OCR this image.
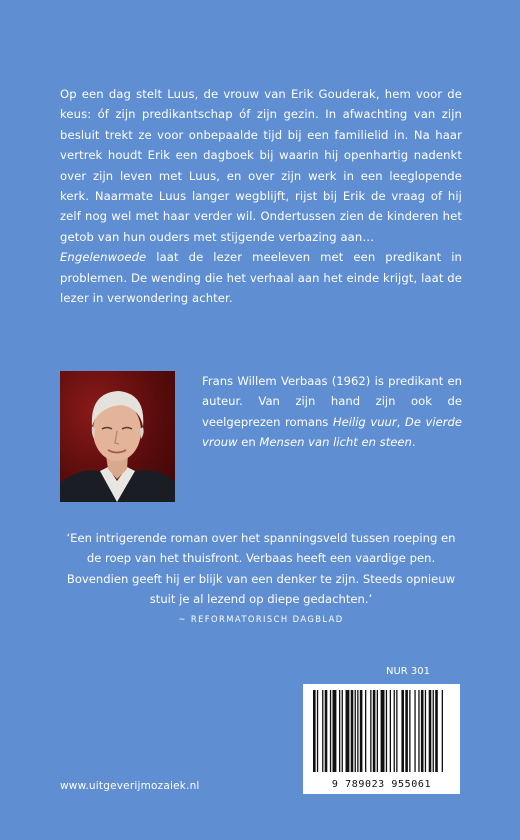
Op een dag stelt Luus, de vrouw van Erik Gouderak, hem voor de keus: óf zijn predikantschap óf zijn gezin. In afwachting van zijn besluit trekt ze voor onbepaalde tijd bij een familielid in. Na haar vertrek houdt Erik een dagboek bij waarin hij openhartig nadenkt over zijn leven met Luus, en over zijn werk in een leeglopende kerk. Naarmate Luus langer wegblijft, rijst bij Erik de vraag of hij zelf nog wel met haar verder wil. Ondertussen zien de kinderen het getob van hun ouders met stijgende verbazing aan…

Engelenwoede laat de lezer meeleven met een predikant in problemen. De wending die het verhaal aan het einde krijgt, laat de lezer in verwondering achter.

Frans Willem Verbaas (1962) is predikant en auteur. Van zijn hand zijn ook de veelgeprezen romans Heilig vuur, De vierde vrouw en Mensen van licht en steen.
‘Een intrigerende roman over het spanningsveld tussen roeping en de roep van het thuisfront. Verbaas heeft een vaardige pen. Bovendien geeft hij er blijk van een denker te zijn. Steeds opnieuw stuit je al lezend op diepe gedachten.’
~ REFORMATORISCH DAGBLAD
NUR 301
9 789023 955061
www.uitgeverijmozaiek.nl
